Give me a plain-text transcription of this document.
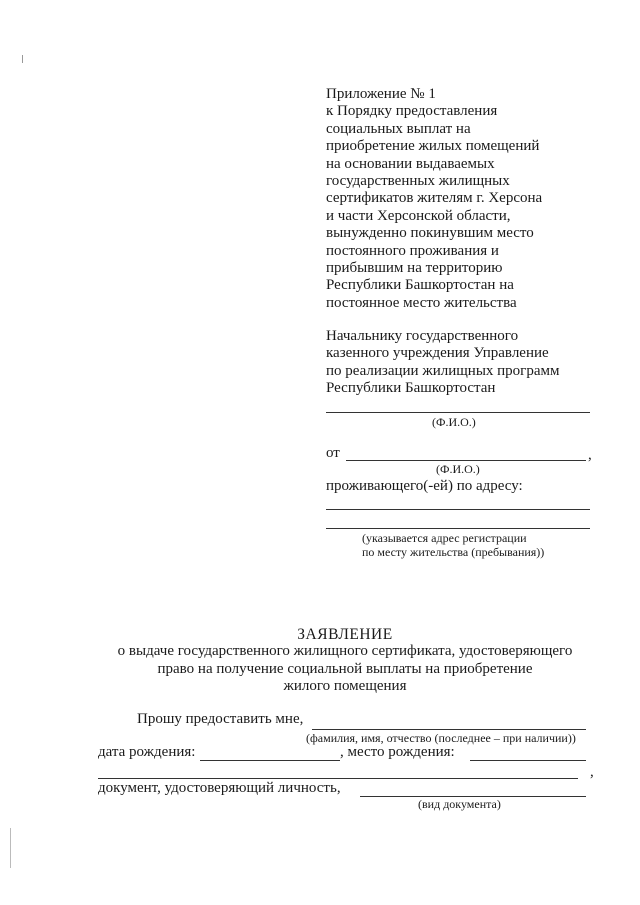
Приложение № 1
к Порядку предоставления
социальных выплат на
приобретение жилых помещений
на основании выдаваемых
государственных жилищных
сертификатов жителям г. Херсона
и части Херсонской области,
вынужденно покинувшим место
постоянного проживания и
прибывшим на территорию
Республики Башкортостан на
постоянное место жительства
Начальнику государственного
казенного учреждения Управление
по реализации жилищных программ
Республики Башкортостан
(Ф.И.О.)
от	,
(Ф.И.О.)
проживающего(-ей) по адресу:
(указывается адрес регистрации
по месту жительства (пребывания))
ЗАЯВЛЕНИЕ
о выдаче государственного жилищного сертификата, удостоверяющего
право на получение социальной выплаты на приобретение
жилого помещения
Прошу предоставить мне,
(фамилия, имя, отчество (последнее – при наличии))
дата рождения:	, место рождения:
,
документ, удостоверяющий личность,
(вид документа)
